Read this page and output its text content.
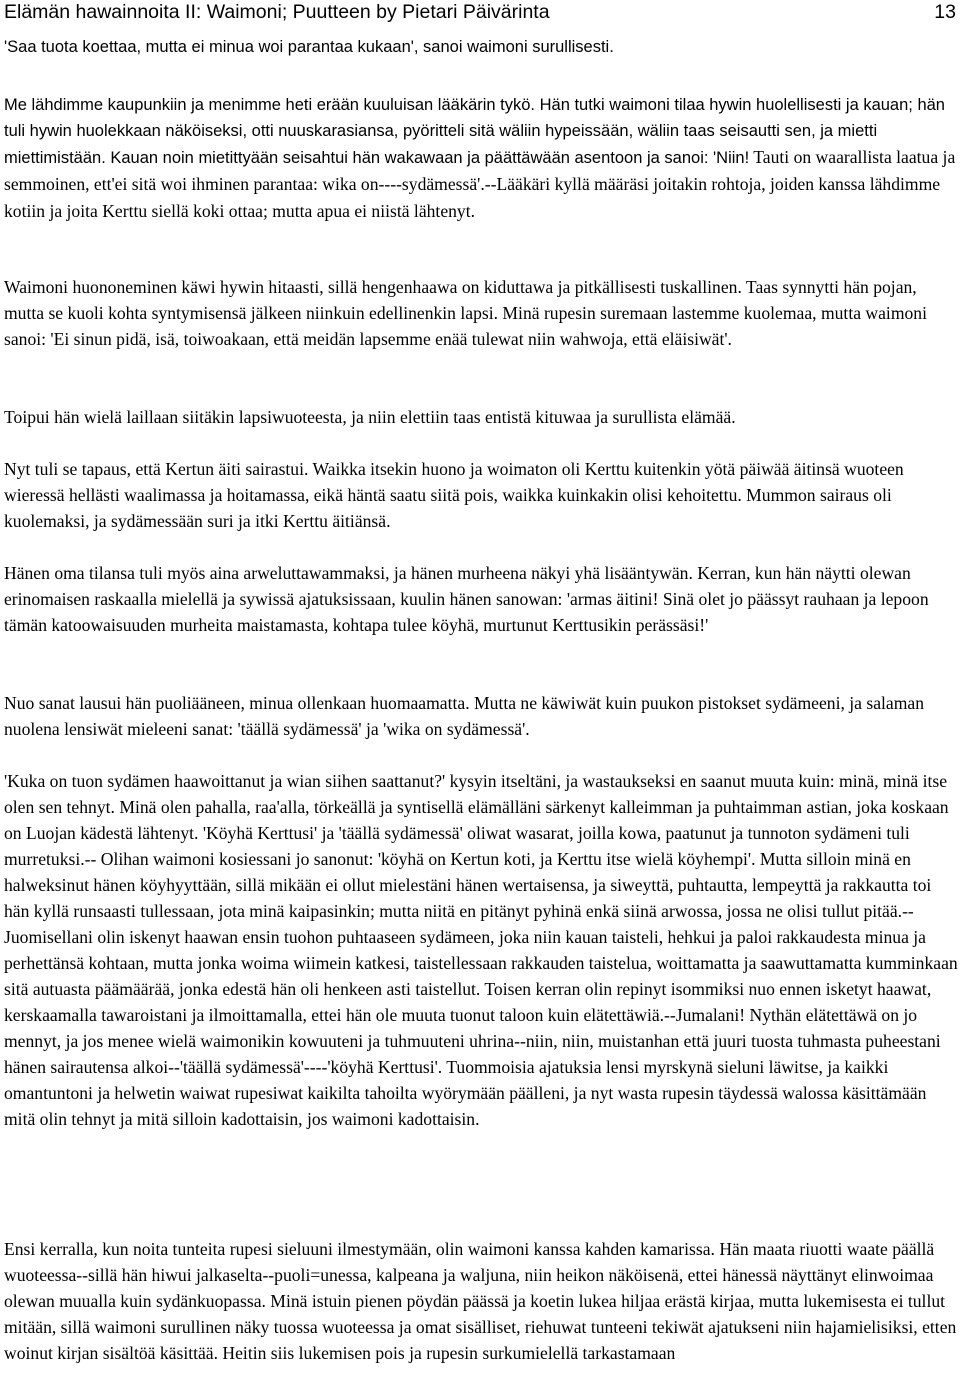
Elämän hawainnoita II: Waimoni; Puutteen by Pietari Päivärinta	13

'Saa tuota koettaa, mutta ei minua woi parantaa kukaan', sanoi waimoni surullisesti.

Me lähdimme kaupunkiin ja menimme heti erään kuuluisan lääkärin tykö. Hän tutki waimoni tilaa hywin huolellisesti ja kauan; hän tuli hywin huolekkaan näköiseksi, otti nuuskarasiansa, pyöritteli sitä wäliin hypeissään, wäliin taas seisautti sen, ja mietti miettimistään. Kauan noin mietittyään seisahtui hän wakawaan ja päättäwään asentoon ja sanoi: 'Niin! Tauti on waarallista laatua ja semmoinen, ett'ei sitä woi ihminen parantaa: wika on----sydämessä'.--Lääkäri kyllä määräsi joitakin rohtoja, joiden kanssa lähdimme kotiin ja joita Kerttu siellä koki ottaa; mutta apua ei niistä lähtenyt.

Waimoni huononeminen käwi hywin hitaasti, sillä hengenhaawa on kiduttawa ja pitkällisesti tuskallinen. Taas synnytti hän pojan, mutta se kuoli kohta syntymisensä jälkeen niinkuin edellinenkin lapsi. Minä rupesin suremaan lastemme kuolemaa, mutta waimoni sanoi: 'Ei sinun pidä, isä, toiwoakaan, että meidän lapsemme enää tulewat niin wahwoja, että eläisiwät'.

Toipui hän wielä laillaan siitäkin lapsiwuoteesta, ja niin elettiin taas entistä kituwaa ja surullista elämää.

Nyt tuli se tapaus, että Kertun äiti sairastui. Waikka itsekin huono ja woimaton oli Kerttu kuitenkin yötä päiwää äitinsä wuoteen wieressä hellästi waalimassa ja hoitamassa, eikä häntä saatu siitä pois, waikka kuinkakin olisi kehoitettu. Mummon sairaus oli kuolemaksi, ja sydämessään suri ja itki Kerttu äitiänsä.

Hänen oma tilansa tuli myös aina arweluttawammaksi, ja hänen murheena näkyi yhä lisääntywän. Kerran, kun hän näytti olewan erinomaisen raskaalla mielellä ja sywissä ajatuksissaan, kuulin hänen sanowan: 'armas äitini! Sinä olet jo päässyt rauhaan ja lepoon tämän katoowaisuuden murheita maistamasta, kohtapa tulee köyhä, murtunut Kerttusikin perässäsi!'

Nuo sanat lausui hän puoliääneen, minua ollenkaan huomaamatta. Mutta ne käwiwät kuin puukon pistokset sydämeeni, ja salaman nuolena lensiwät mieleeni sanat: 'täällä sydämessä' ja 'wika on sydämessä'.

'Kuka on tuon sydämen haawoittanut ja wian siihen saattanut?' kysyin itseltäni, ja wastaukseksi en saanut muuta kuin: minä, minä itse olen sen tehnyt. Minä olen pahalla, raa'alla, törkeällä ja syntisellä elämälläni särkenyt kalleimman ja puhtaimman astian, joka koskaan on Luojan kädestä lähtenyt. 'Köyhä Kerttusi' ja 'täällä sydämessä' oliwat wasarat, joilla kowa, paatunut ja tunnoton sydämeni tuli murretuksi.-- Olihan waimoni kosiessani jo sanonut: 'köyhä on Kertun koti, ja Kerttu itse wielä köyhempi'. Mutta silloin minä en halweksinut hänen köyhyyttään, sillä mikään ei ollut mielestäni hänen wertaisensa, ja siweyttä, puhtautta, lempeyttä ja rakkautta toi hän kyllä runsaasti tullessaan, jota minä kaipasinkin; mutta niitä en pitänyt pyhinä enkä siinä arwossa, jossa ne olisi tullut pitää.--Juomisellani olin iskenyt haawan ensin tuohon puhtaaseen sydämeen, joka niin kauan taisteli, hehkui ja paloi rakkaudesta minua ja perhettänsä kohtaan, mutta jonka woima wiimein katkesi, taistellessaan rakkauden taistelua, woittamatta ja saawuttamatta kumminkaan sitä autuasta päämäärää, jonka edestä hän oli henkeen asti taistellut. Toisen kerran olin repinyt isommiksi nuo ennen isketyt haawat, kerskaamalla tawaroistani ja ilmoittamalla, ettei hän ole muuta tuonut taloon kuin elätettäwiä.--Jumalani! Nythän elätettäwä on jo mennyt, ja jos menee wielä waimonikin kowuuteni ja tuhmuuteni uhrina--niin, niin, muistanhan että juuri tuosta tuhmasta puheestani hänen sairautensa alkoi--'täällä sydämessä'----'köyhä Kerttusi'. Tuommoisia ajatuksia lensi myrskynä sieluni läwitse, ja kaikki omantuntoni ja helwetin waiwat rupesiwat kaikilta tahoilta wyörymään päälleni, ja nyt wasta rupesin täydessä walossa käsittämään mitä olin tehnyt ja mitä silloin kadottaisin, jos waimoni kadottaisin.

Ensi kerralla, kun noita tunteita rupesi sieluuni ilmestymään, olin waimoni kanssa kahden kamarissa. Hän maata riuotti waate päällä wuoteessa--sillä hän hiwui jalkaselta--puoli=unessa, kalpeana ja waljuna, niin heikon näköisenä, ettei hänessä näyttänyt elinwoimaa olewan muualla kuin sydänkuopassa. Minä istuin pienen pöydän päässä ja koetin lukea hiljaa erästä kirjaa, mutta lukemisesta ei tullut mitään, sillä waimoni surullinen näky tuossa wuoteessa ja omat sisälliset, riehuwat tunteeni tekiwät ajatukseni niin hajamielisiksi, etten woinut kirjan sisältöä käsittää. Heitin siis lukemisen pois ja rupesin surkumielellä tarkastamaan
